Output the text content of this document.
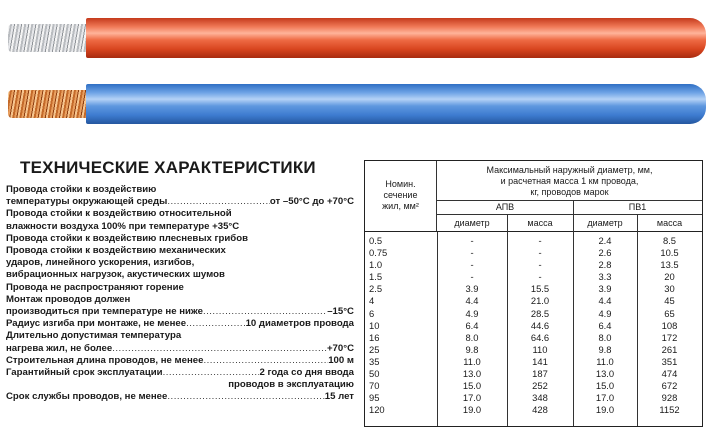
ТЕХНИЧЕСКИЕ ХАРАКТЕРИСТИКИ
Провода стойки к воздействию
температуры окружающей среды .....	от –50°С до +70°С
Провода стойки к воздействию относительной
влажности воздуха 100% при температуре +35°С
Провода стойки к воздействию плесневых грибов
Провода стойки к воздействию механических
ударов, линейного ускорения, изгибов,
вибрационных нагрузок, акустических шумов
Провода не распространяют горение
Монтаж проводов должен
производиться при температуре не ниже .....	–15°С
Радиус изгиба при монтаже, не менее .....	10 диаметров провода
Длительно допустимая температура
нагрева жил, не более .....	+70°С
Строительная длина проводов, не менее .....	100 м
Гарантийный срок эксплуатации .....	2 года со дня ввода
проводов в эксплуатацию
Срок службы проводов, не менее .....	15 лет
Номин.
сечение
жил, мм²
Максимальный наружный диаметр, мм,
и расчетная масса 1 км провода,
кг, проводов марок
АПВ	ПВ1
диаметр	масса	диаметр	масса
0.5	-	-	2.4	8.5
0.75	-	-	2.6	10.5
1.0	-	-	2.8	13.5
1.5	-	-	3.3	20
2.5	3.9	15.5	3.9	30
4	4.4	21.0	4.4	45
6	4.9	28.5	4.9	65
10	6.4	44.6	6.4	108
16	8.0	64.6	8.0	172
25	9.8	110	9.8	261
35	11.0	141	11.0	351
50	13.0	187	13.0	474
70	15.0	252	15.0	672
95	17.0	348	17.0	928
120	19.0	428	19.0	1152
